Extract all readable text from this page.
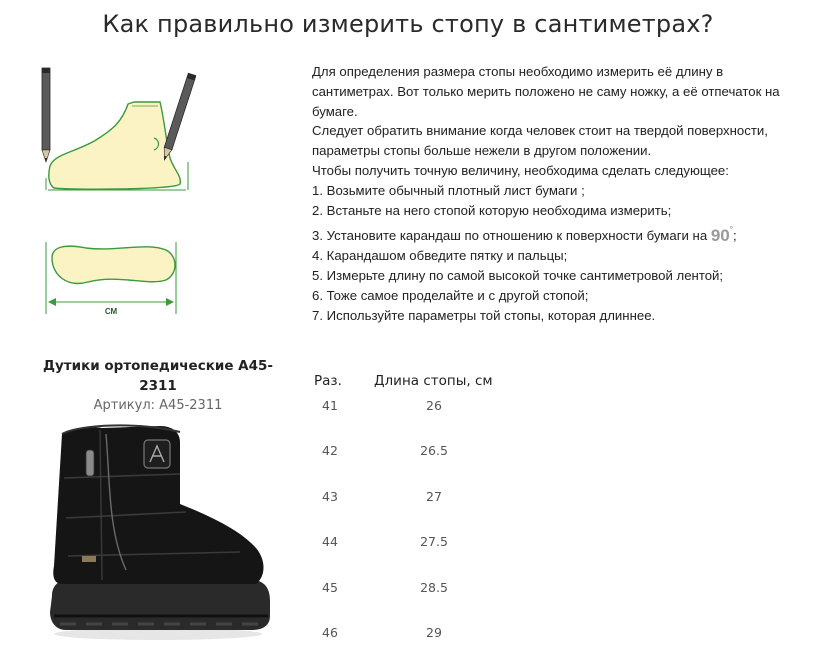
Как правильно измерить стопу в сантиметрах?
СМ

Для определения размера стопы необходимо измерить её длину в сантиметрах. Вот только мерить положено не саму ножку, а её отпечаток на бумаге.

Следует обратить внимание когда человек стоит на твердой поверхности, параметры стопы больше нежели в другом положении.

Чтобы получить точную величину, необходима сделать следующее:

1. Возьмите обычный плотный лист бумаги ;
2. Встаньте на него стопой которую необходима измерить;
3. Установите карандаш по отношению к поверхности бумаги на 90°;
4. Карандашом обведите пятку и пальцы;
5. Измерьте длину по самой высокой точке сантиметровой лентой;
6. Тоже самое проделайте и с другой стопой;
7. Используйте параметры той стопы, которая длиннее.
Дутики ортопедические А45-2311
Артикул: А45-2311
Раз.	Длина стопы, см
41	26
42	26.5
43	27
44	27.5
45	28.5
46	29
